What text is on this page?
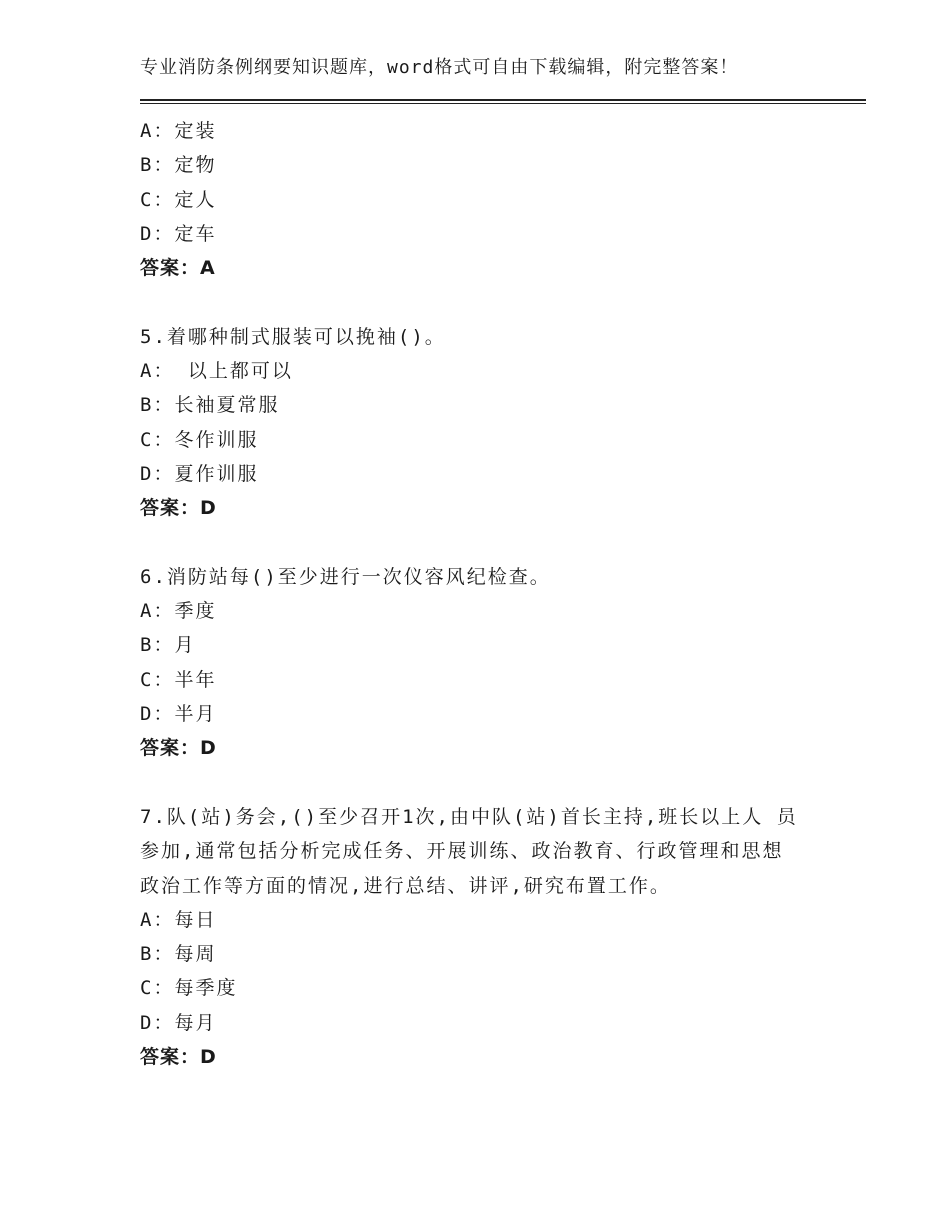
专业消防条例纲要知识题库，word格式可自由下载编辑，附完整答案！
A：定装
B：定物
C：定人
D：定车
答案：A
5.着哪种制式服装可以挽袖()。
A： 以上都可以
B：长袖夏常服
C：冬作训服
D：夏作训服
答案：D
6.消防站每()至少进行一次仪容风纪检查。
A：季度
B：月
C：半年
D：半月
答案：D
7.队(站)务会,()至少召开1次,由中队(站)首长主持,班长以上人 员
参加,通常包括分析完成任务、开展训练、政治教育、行政管理和思想
政治工作等方面的情况,进行总结、讲评,研究布置工作。
A：每日
B：每周
C：每季度
D：每月
答案：D
